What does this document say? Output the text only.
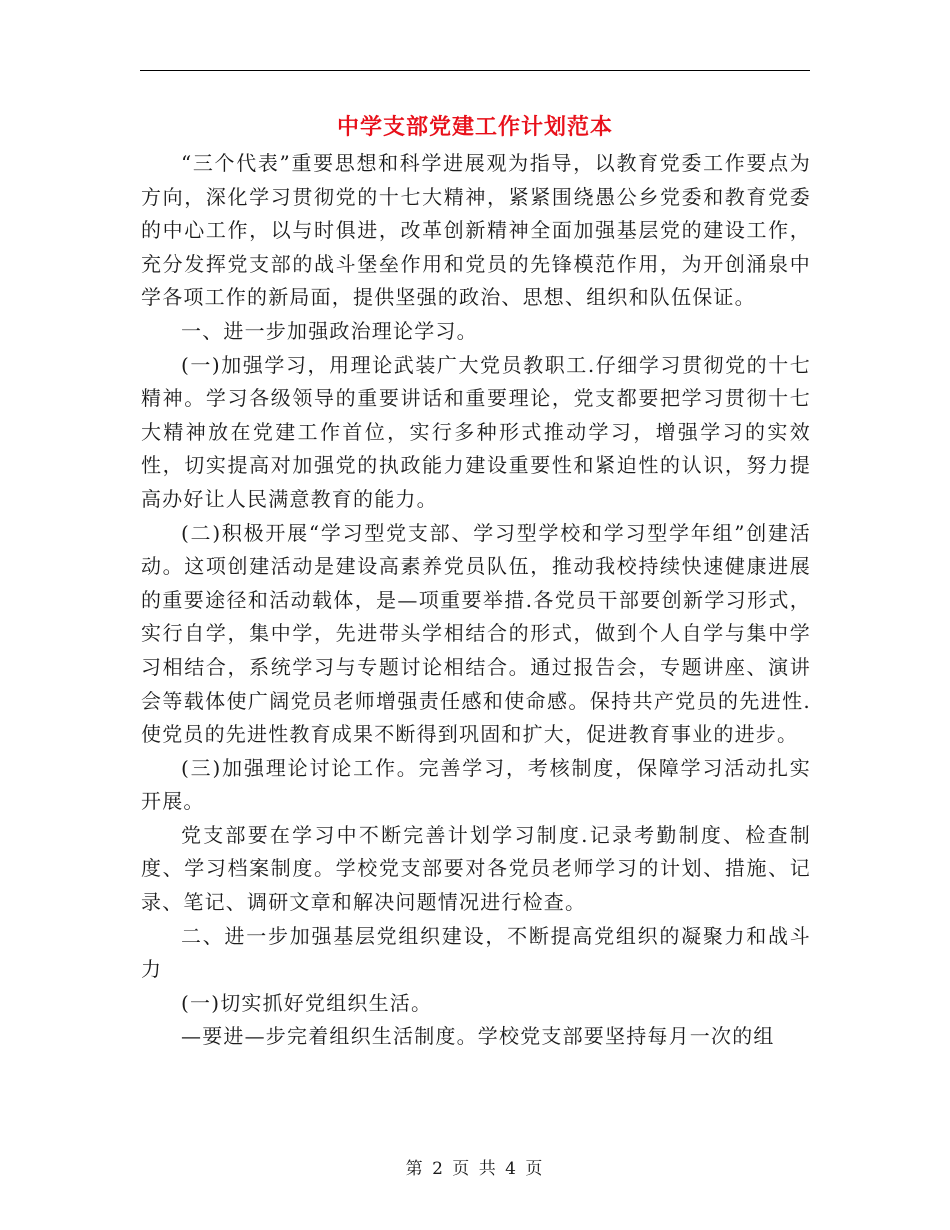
中学支部党建工作计划范本

“三个代表”重要思想和科学进展观为指导，以教育党委工作要点为方向，深化学习贯彻党的十七大精神，紧紧围绕愚公乡党委和教育党委的中心工作，以与时俱进，改革创新精神全面加强基层党的建设工作，充分发挥党支部的战斗堡垒作用和党员的先锋模范作用，为开创涌泉中学各项工作的新局面，提供坚强的政治、思想、组织和队伍保证。

一、进一步加强政治理论学习。

(一)加强学习，用理论武装广大党员教职工.仔细学习贯彻党的十七精神。学习各级领导的重要讲话和重要理论，党支都要把学习贯彻十七大精神放在党建工作首位，实行多种形式推动学习，增强学习的实效性，切实提高对加强党的执政能力建设重要性和紧迫性的认识，努力提高办好让人民满意教育的能力。

(二)积极开展“学习型党支部、学习型学校和学习型学年组”创建活动。这项创建活动是建设高素养党员队伍，推动我校持续快速健康进展的重要途径和活动载体，是—项重要举措.各党员干部要创新学习形式，实行自学，集中学，先进带头学相结合的形式，做到个人自学与集中学习相结合，系统学习与专题讨论相结合。通过报告会，专题讲座、演讲会等载体使广阔党员老师增强责任感和使命感。保持共产党员的先进性.使党员的先进性教育成果不断得到巩固和扩大，促进教育事业的进步。

(三)加强理论讨论工作。完善学习，考核制度，保障学习活动扎实开展。

党支部要在学习中不断完善计划学习制度.记录考勤制度、检查制度、学习档案制度。学校党支部要对各党员老师学习的计划、措施、记录、笔记、调研文章和解决问题情况进行检查。

二、进一步加强基层党组织建设，不断提高党组织的凝聚力和战斗力

(一)切实抓好党组织生活。

—要进—步完着组织生活制度。学校党支部要坚持每月一次的组

第 2 页 共 4 页
